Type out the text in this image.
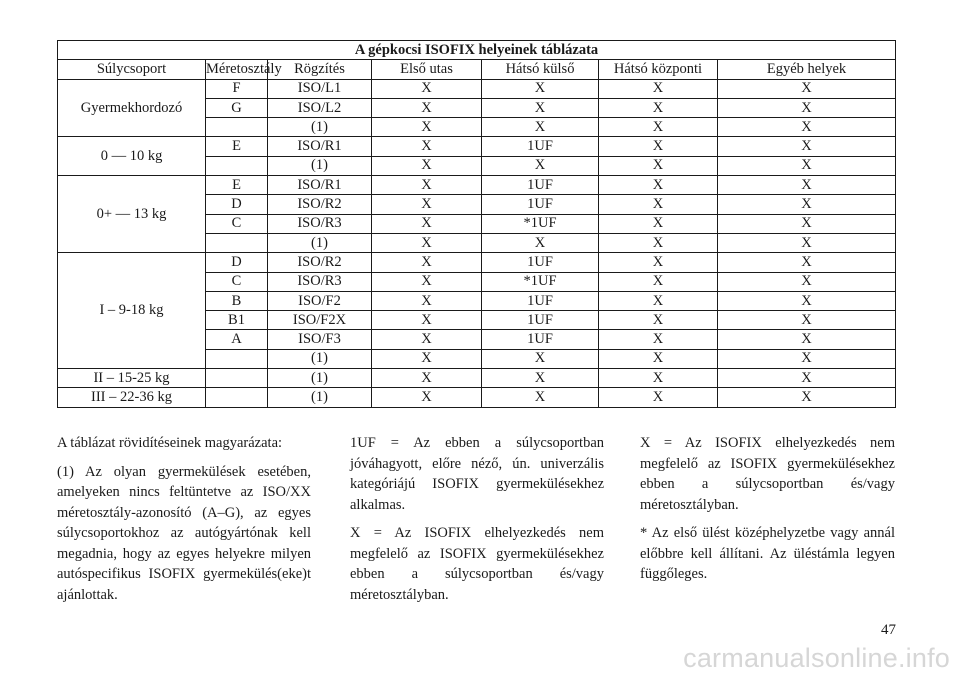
A gépkocsi ISOFIX helyeinek táblázata						
Súlycsoport	Méretosztály	Rögzítés	Első utas	Hátsó külső	Hátsó központi	Egyéb helyek
Gyermekhordozó	F	ISO/L1	X	X	X	X
	G	ISO/L2	X	X	X	X
		(1)	X	X	X	X
0 — 10 kg	E	ISO/R1	X	1UF	X	X
		(1)	X	X	X	X
0+ — 13 kg	E	ISO/R1	X	1UF	X	X
	D	ISO/R2	X	1UF	X	X
	C	ISO/R3	X	*1UF	X	X
		(1)	X	X	X	X
I – 9-18 kg	D	ISO/R2	X	1UF	X	X
	C	ISO/R3	X	*1UF	X	X
	B	ISO/F2	X	1UF	X	X
	B1	ISO/F2X	X	1UF	X	X
	A	ISO/F3	X	1UF	X	X
		(1)	X	X	X	X
II – 15-25 kg		(1)	X	X	X	X
III – 22-36 kg		(1)	X	X	X	X

A táblázat rövidítéseinek magyarázata:

(1) Az olyan gyermekülések esetében, amelyeken nincs feltüntetve az ISO/XX méretosztály-azonosító (A–G), az egyes súlycsoportokhoz az autógyártónak kell megadnia, hogy az egyes helyekre milyen autóspecifikus ISOFIX gyermekülés(eke)t ajánlottak.

1UF = Az ebben a súlycsoportban jóváhagyott, előre néző, ún. univerzális kategóriájú ISOFIX gyermekülésekhez alkalmas.

X = Az ISOFIX elhelyezkedés nem megfelelő az ISOFIX gyermekülésekhez ebben a súlycsoportban és/vagy méretosztályban.

X = Az ISOFIX elhelyezkedés nem megfelelő az ISOFIX gyermekülésekhez ebben a súlycsoportban és/vagy méretosztályban.

* Az első ülést középhelyzetbe vagy annál előbbre kell állítani. Az üléstámla legyen függőleges.

47
carmanualsonline.info
